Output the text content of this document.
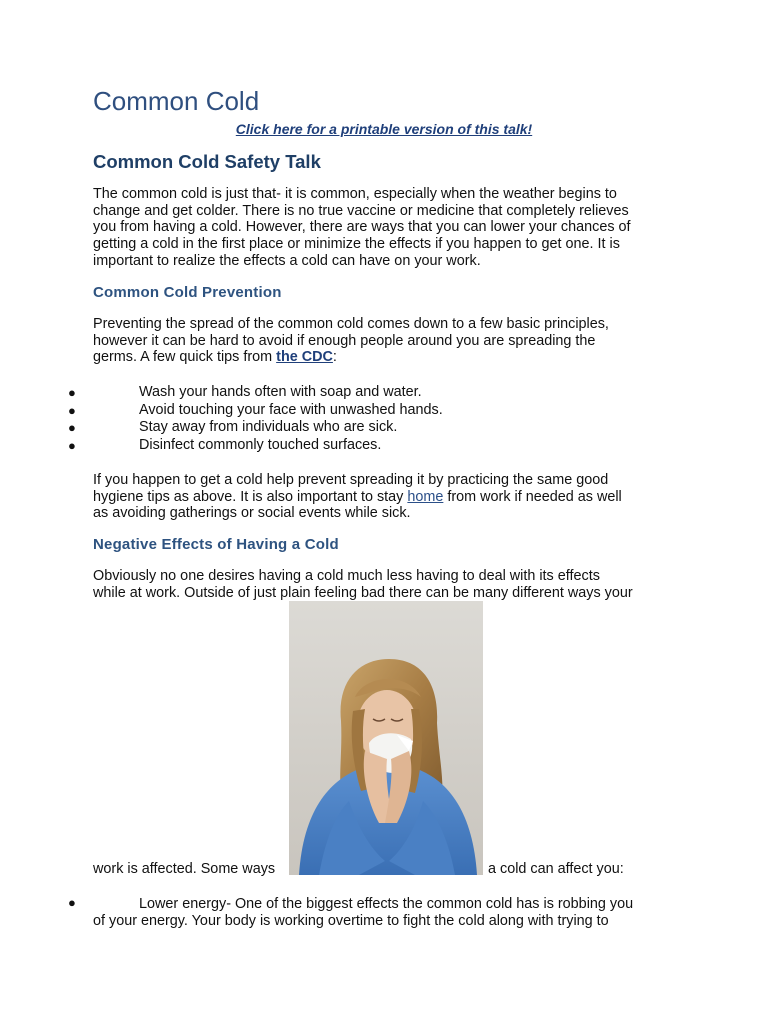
Common Cold
Click here for a printable version of this talk!
Common Cold Safety Talk
The common cold is just that- it is common, especially when the weather begins to
change and get colder. There is no true vaccine or medicine that completely relieves
you from having a cold. However, there are ways that you can lower your chances of
getting a cold in the first place or minimize the effects if you happen to get one. It is
important to realize the effects a cold can have on your work.
Common Cold Prevention
Preventing the spread of the common cold comes down to a few basic principles,
however it can be hard to avoid if enough people around you are spreading the
germs. A few quick tips from the CDC:
●	Wash your hands often with soap and water.
●	Avoid touching your face with unwashed hands.
●	Stay away from individuals who are sick.
●	Disinfect commonly touched surfaces.
If you happen to get a cold help prevent spreading it by practicing the same good
hygiene tips as above. It is also important to stay home from work if needed as well
as avoiding gatherings or social events while sick.
Negative Effects of Having a Cold
Obviously no one desires having a cold much less having to deal with its effects
while at work. Outside of just plain feeling bad there can be many different ways your
work is affected. Some ways	a cold can affect you:
●	Lower energy- One of the biggest effects the common cold has is robbing you
of your energy. Your body is working overtime to fight the cold along with trying to
